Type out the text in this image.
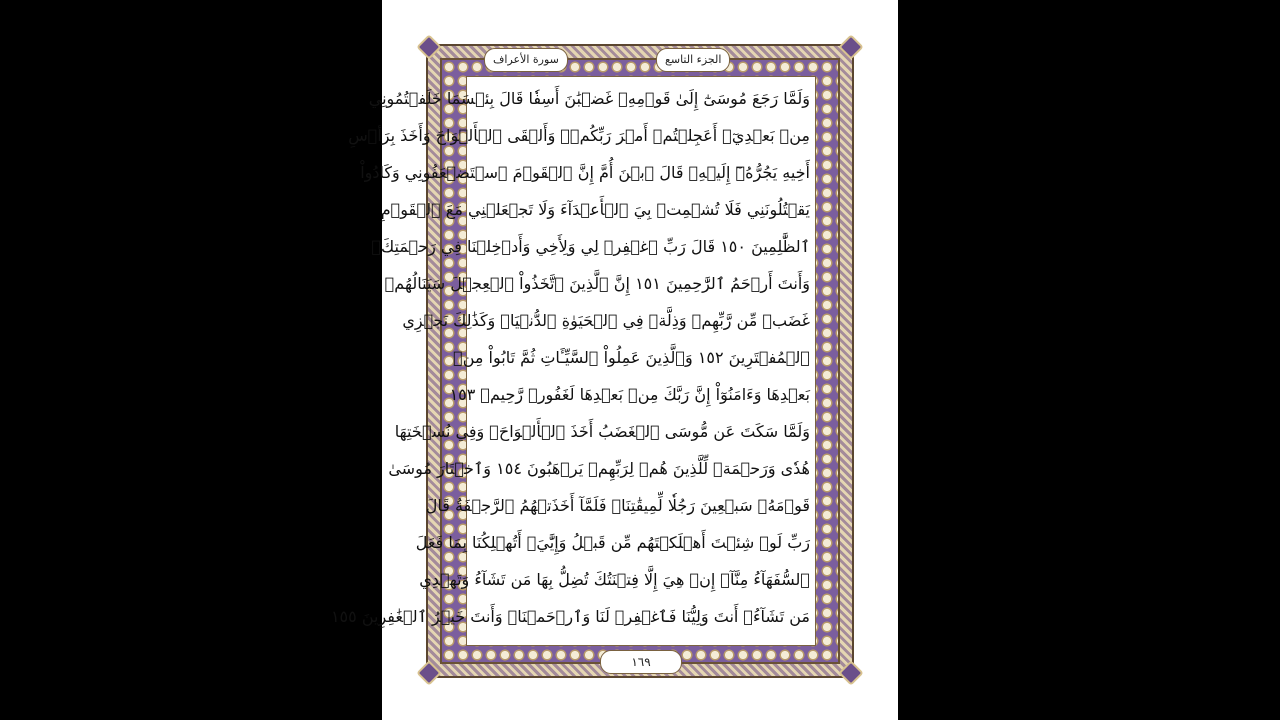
الجزء التاسع
سورة الأعراف
وَلَمَّا رَجَعَ مُوسَىٰٓ إِلَىٰ قَوۡمِهِۦ غَضۡبَٰنَ أَسِفٗا قَالَ بِئۡسَمَا خَلَفۡتُمُونِي
مِنۢ بَعۡدِيٓۖ أَعَجِلۡتُمۡ أَمۡرَ رَبِّكُمۡۖ وَأَلۡقَى ٱلۡأَلۡوَاحَ وَأَخَذَ بِرَأۡسِ
أَخِيهِ يَجُرُّهُۥٓ إِلَيۡهِۚ قَالَ ٱبۡنَ أُمَّ إِنَّ ٱلۡقَوۡمَ ٱسۡتَضۡعَفُونِي وَكَادُواْ
يَقۡتُلُونَنِي فَلَا تُشۡمِتۡ بِيَ ٱلۡأَعۡدَآءَ وَلَا تَجۡعَلۡنِي مَعَ ٱلۡقَوۡمِ
ٱلظَّٰلِمِينَ ١٥٠ قَالَ رَبِّ ٱغۡفِرۡ لِي وَلِأَخِي وَأَدۡخِلۡنَا فِي رَحۡمَتِكَۖ
وَأَنتَ أَرۡحَمُ ٱلرَّٰحِمِينَ ١٥١ إِنَّ ٱلَّذِينَ ٱتَّخَذُواْ ٱلۡعِجۡلَ سَيَنَالُهُمۡ
غَضَبٞ مِّن رَّبِّهِمۡ وَذِلَّةٞ فِي ٱلۡحَيَوٰةِ ٱلدُّنۡيَاۚ وَكَذَٰلِكَ نَجۡزِي
ٱلۡمُفۡتَرِينَ ١٥٢ وَٱلَّذِينَ عَمِلُواْ ٱلسَّيِّـَٔاتِ ثُمَّ تَابُواْ مِنۢ
بَعۡدِهَا وَءَامَنُوٓاْ إِنَّ رَبَّكَ مِنۢ بَعۡدِهَا لَغَفُورٞ رَّحِيمٞ ١٥٣
وَلَمَّا سَكَتَ عَن مُّوسَى ٱلۡغَضَبُ أَخَذَ ٱلۡأَلۡوَاحَۖ وَفِي نُسۡخَتِهَا
هُدٗى وَرَحۡمَةٞ لِّلَّذِينَ هُمۡ لِرَبِّهِمۡ يَرۡهَبُونَ ١٥٤ وَٱخۡتَارَ مُوسَىٰ
قَوۡمَهُۥ سَبۡعِينَ رَجُلٗا لِّمِيقَٰتِنَاۖ فَلَمَّآ أَخَذَتۡهُمُ ٱلرَّجۡفَةُ قَالَ
رَبِّ لَوۡ شِئۡتَ أَهۡلَكۡتَهُم مِّن قَبۡلُ وَإِيَّٰيَۖ أَتُهۡلِكُنَا بِمَا فَعَلَ
ٱلسُّفَهَآءُ مِنَّآۖ إِنۡ هِيَ إِلَّا فِتۡنَتُكَ تُضِلُّ بِهَا مَن تَشَآءُ وَتَهۡدِي
مَن تَشَآءُۖ أَنتَ وَلِيُّنَا فَٱغۡفِرۡ لَنَا وَٱرۡحَمۡنَاۖ وَأَنتَ خَيۡرُ ٱلۡغَٰفِرِينَ ١٥٥
١٦٩
